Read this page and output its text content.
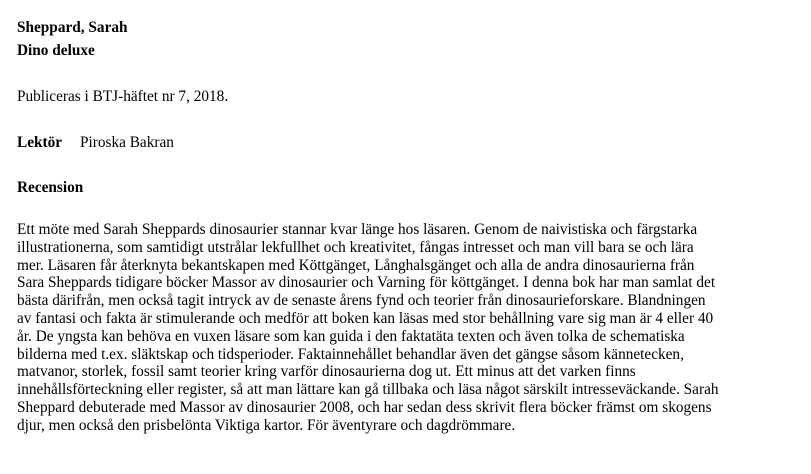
Sheppard, Sarah
Dino deluxe
Publiceras i BTJ-häftet nr 7, 2018.
Lektör Piroska Bakran
Recension

Ett möte med Sarah Sheppards dinosaurier stannar kvar länge hos läsaren. Genom de naivistiska och färgstarka
illustrationerna, som samtidigt utstrålar lekfullhet och kreativitet, fångas intresset och man vill bara se och lära
mer. Läsaren får återknyta bekantskapen med Köttgänget, Långhalsgänget och alla de andra dinosaurierna från
Sara Sheppards tidigare böcker Massor av dinosaurier och Varning för köttgänget. I denna bok har man samlat det
bästa därifrån, men också tagit intryck av de senaste årens fynd och teorier från dinosaurieforskare. Blandningen
av fantasi och fakta är stimulerande och medför att boken kan läsas med stor behållning vare sig man är 4 eller 40
år. De yngsta kan behöva en vuxen läsare som kan guida i den faktatäta texten och även tolka de schematiska
bilderna med t.ex. släktskap och tidsperioder. Faktainnehållet behandlar även det gängse såsom kännetecken,
matvanor, storlek, fossil samt teorier kring varför dinosaurierna dog ut. Ett minus att det varken finns
innehållsförteckning eller register, så att man lättare kan gå tillbaka och läsa något särskilt intresseväckande. Sarah
Sheppard debuterade med Massor av dinosaurier 2008, och har sedan dess skrivit flera böcker främst om skogens
djur, men också den prisbelönta Viktiga kartor. För äventyrare och dagdrömmare.
